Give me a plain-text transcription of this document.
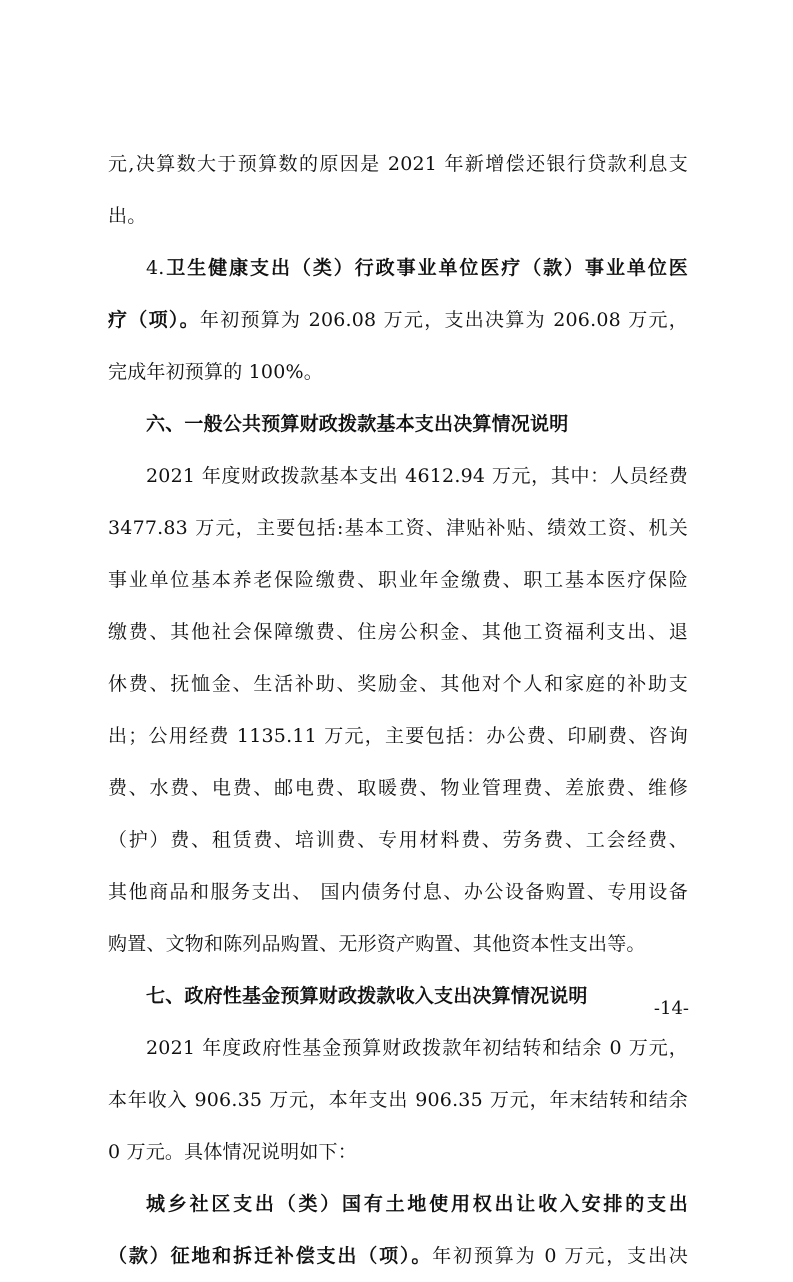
元,决算数大于预算数的原因是 2021 年新增偿还银行贷款利息支
出。
4.卫生健康支出（类）行政事业单位医疗（款）事业单位医
疗（项）。年初预算为 206.08 万元，支出决算为 206.08 万元，
完成年初预算的 100%。
六、一般公共预算财政拨款基本支出决算情况说明
2021 年度财政拨款基本支出 4612.94 万元，其中：人员经费
3477.83 万元，主要包括:基本工资、津贴补贴、绩效工资、机关
事业单位基本养老保险缴费、职业年金缴费、职工基本医疗保险
缴费、其他社会保障缴费、住房公积金、其他工资福利支出、退
休费、抚恤金、生活补助、奖励金、其他对个人和家庭的补助支
出；公用经费 1135.11 万元，主要包括：办公费、印刷费、咨询
费、水费、电费、邮电费、取暖费、物业管理费、差旅费、维修
（护）费、租赁费、培训费、专用材料费、劳务费、工会经费、
其他商品和服务支出、 国内债务付息、办公设备购置、专用设备
购置、文物和陈列品购置、无形资产购置、其他资本性支出等。
七、政府性基金预算财政拨款收入支出决算情况说明
2021 年度政府性基金预算财政拨款年初结转和结余 0 万元，
本年收入 906.35 万元，本年支出 906.35 万元，年末结转和结余
0 万元。具体情况说明如下：
城乡社区支出（类）国有土地使用权出让收入安排的支出
（款）征地和拆迁补偿支出（项）。年初预算为 0 万元，支出决
-14-
